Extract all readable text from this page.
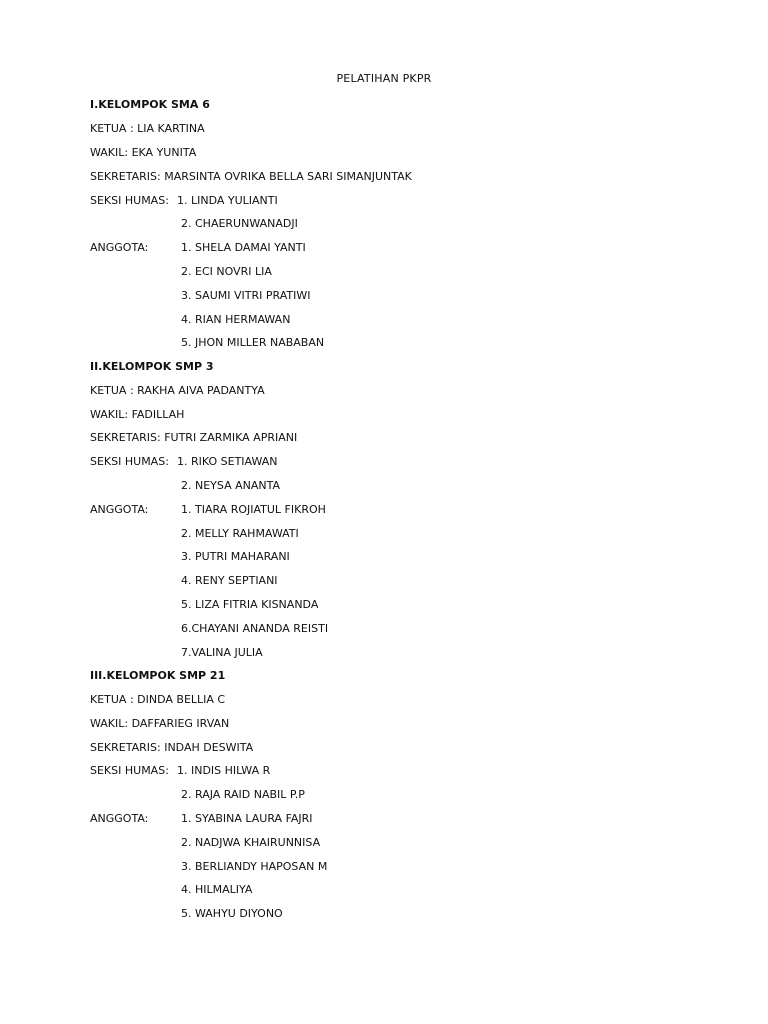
PELATIHAN PKPR
I.KELOMPOK SMA 6
KETUA : LIA KARTINA
WAKIL: EKA YUNITA
SEKRETARIS: MARSINTA OVRIKA BELLA SARI SIMANJUNTAK
SEKSI HUMAS: 1. LINDA YULIANTI
2. CHAERUNWANADJI
ANGGOTA:	1. SHELA DAMAI YANTI
2. ECI NOVRI LIA
3. SAUMI VITRI PRATIWI
4. RIAN HERMAWAN
5. JHON MILLER NABABAN
II.KELOMPOK SMP 3
KETUA : RAKHA AIVA PADANTYA
WAKIL: FADILLAH
SEKRETARIS: FUTRI ZARMIKA APRIANI
SEKSI HUMAS: 1. RIKO SETIAWAN
2. NEYSA ANANTA
ANGGOTA:	1. TIARA ROJIATUL FIKROH
2. MELLY RAHMAWATI
3. PUTRI MAHARANI
4. RENY SEPTIANI
5. LIZA FITRIA KISNANDA
6.CHAYANI ANANDA REISTI
7.VALINA JULIA
III.KELOMPOK SMP 21
KETUA : DINDA BELLIA C
WAKIL: DAFFARIEG IRVAN
SEKRETARIS: INDAH DESWITA
SEKSI HUMAS: 1. INDIS HILWA R
2. RAJA RAID NABIL P.P
ANGGOTA:	1. SYABINA LAURA FAJRI
2. NADJWA KHAIRUNNISA
3. BERLIANDY HAPOSAN M
4. HILMALIYA
5. WAHYU DIYONO
